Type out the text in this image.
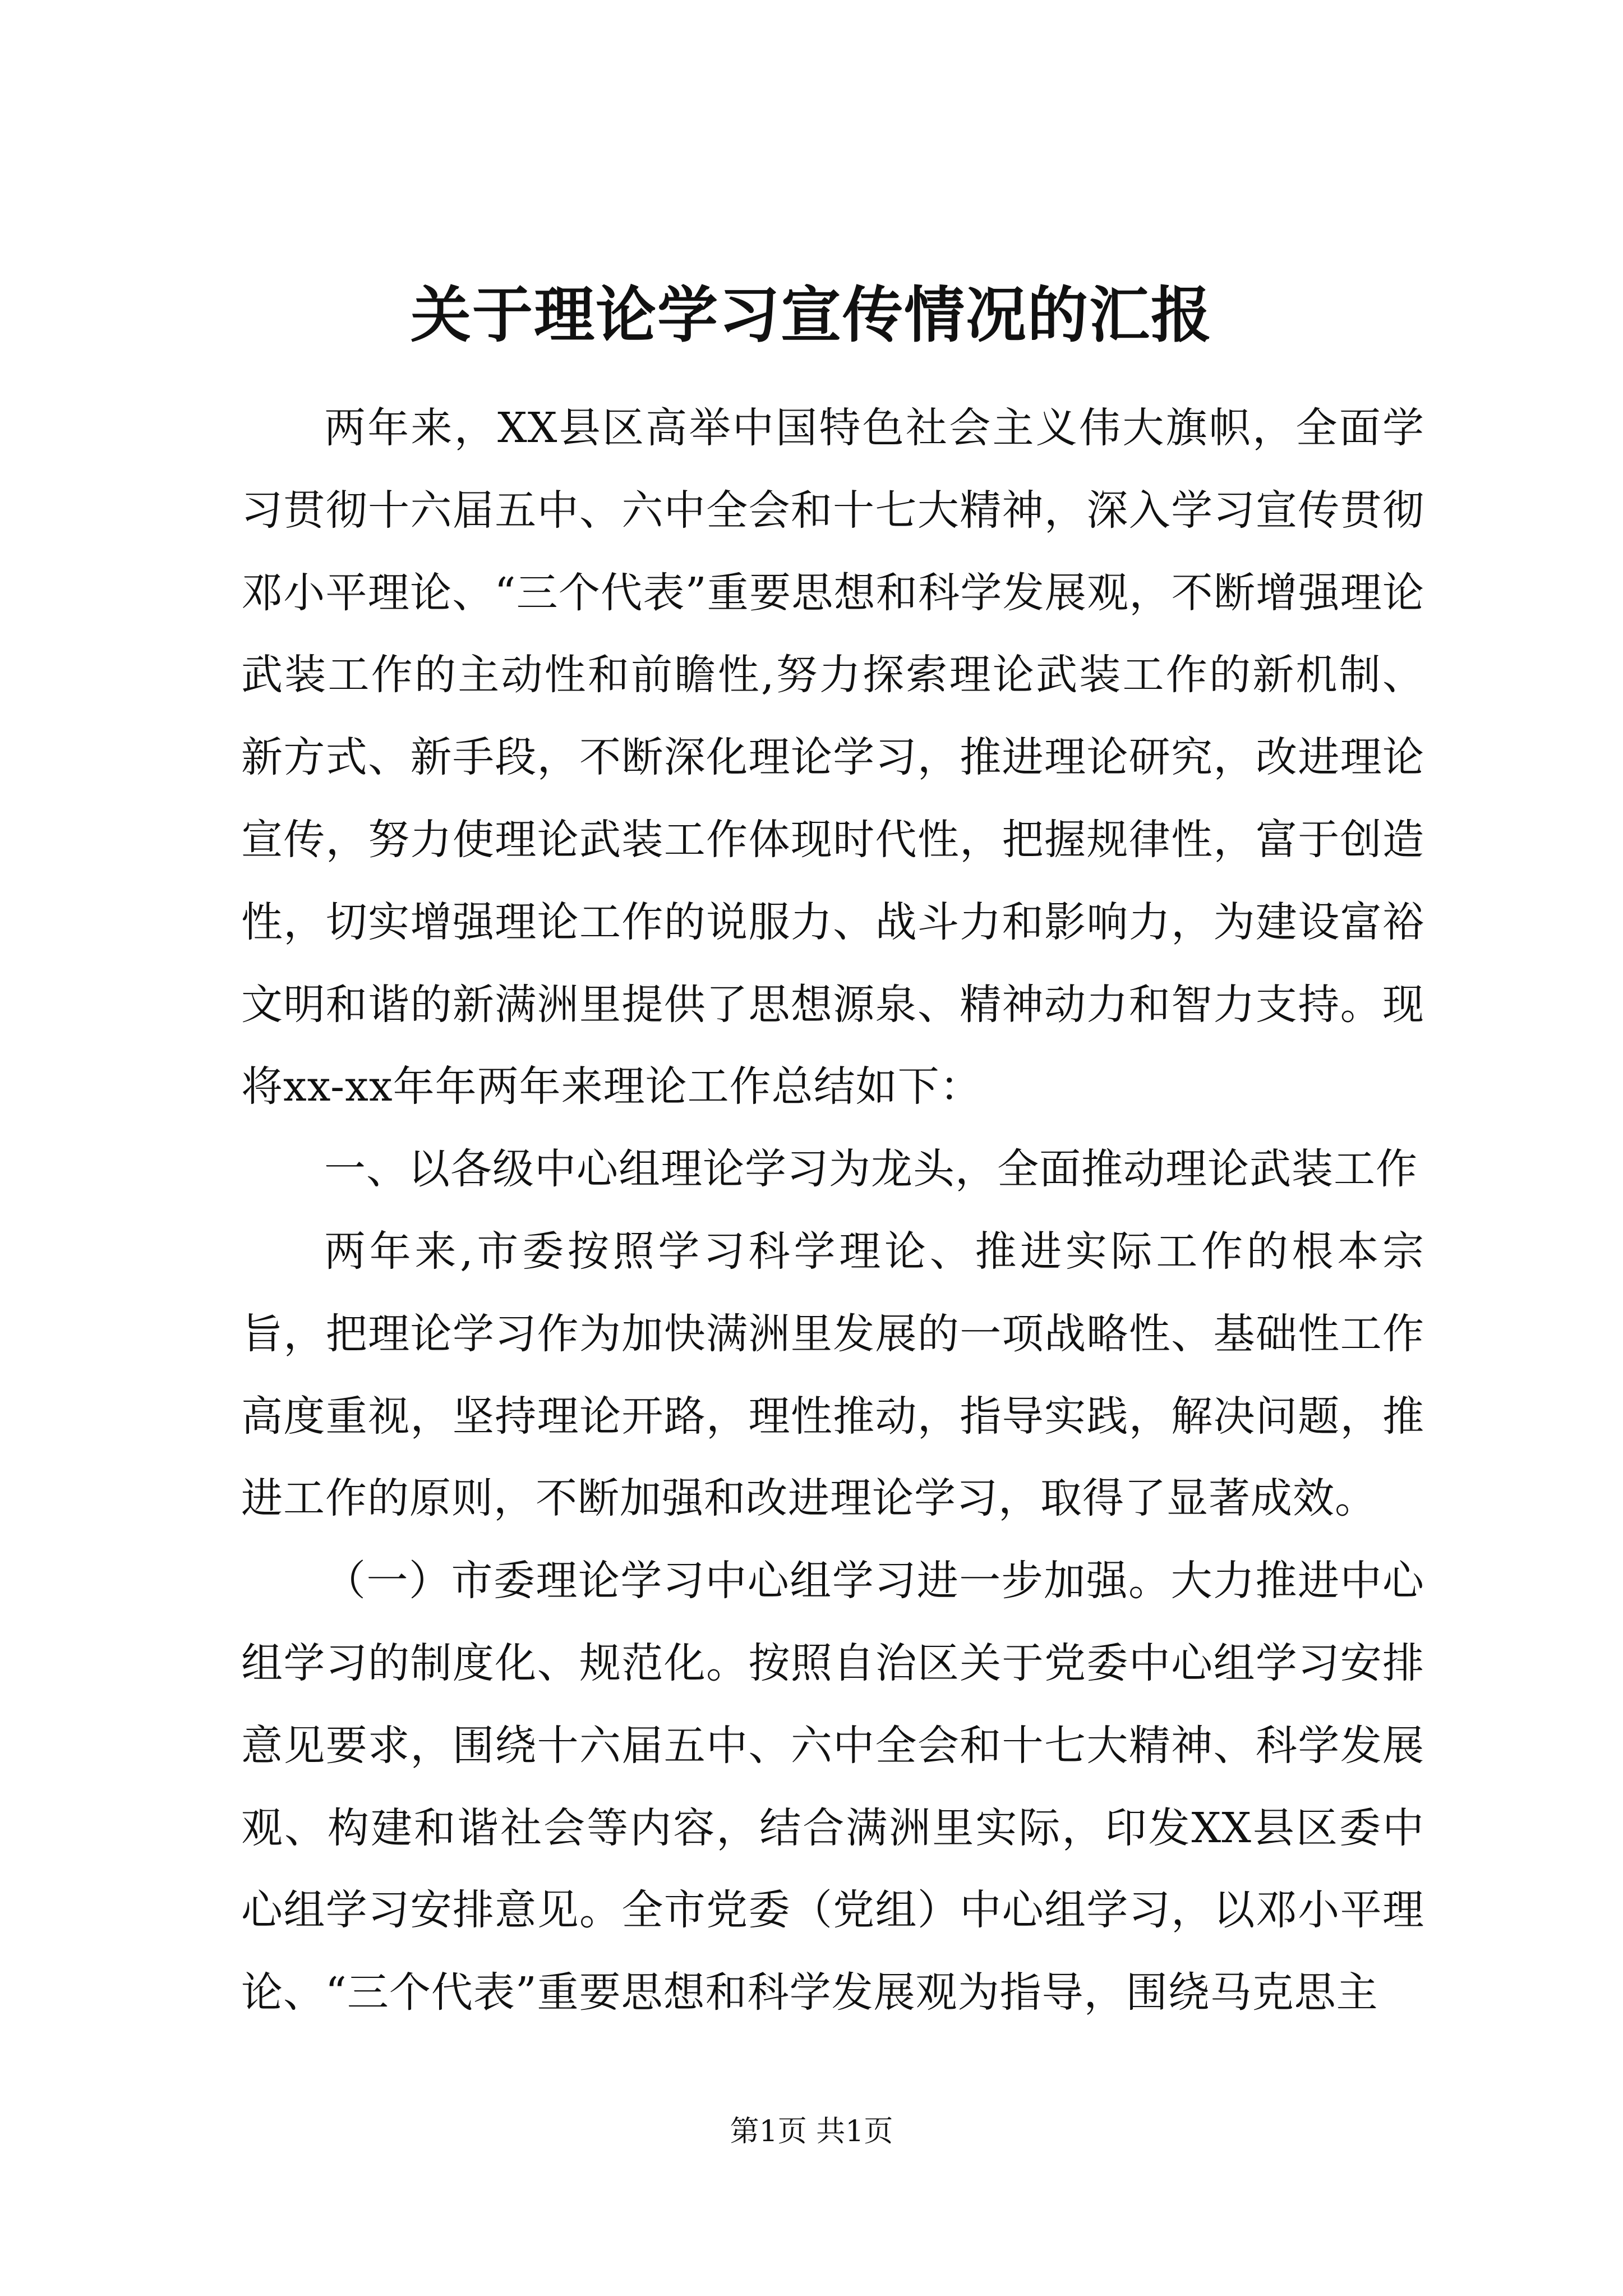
关于理论学习宣传情况的汇报

两年来，XX县区高举中国特色社会主义伟大旗帜，全面学习贯彻十六届五中、六中全会和十七大精神，深入学习宣传贯彻邓小平理论、“三个代表”重要思想和科学发展观，不断增强理论武装工作的主动性和前瞻性,努力探索理论武装工作的新机制、新方式、新手段，不断深化理论学习，推进理论研究，改进理论宣传，努力使理论武装工作体现时代性，把握规律性，富于创造性，切实增强理论工作的说服力、战斗力和影响力，为建设富裕文明和谐的新满洲里提供了思想源泉、精神动力和智力支持。现将xx-xx年年两年来理论工作总结如下：

一、以各级中心组理论学习为龙头，全面推动理论武装工作

两年来,市委按照学习科学理论、推进实际工作的根本宗旨，把理论学习作为加快满洲里发展的一项战略性、基础性工作高度重视，坚持理论开路，理性推动，指导实践，解决问题，推进工作的原则，不断加强和改进理论学习，取得了显著成效。

（一）市委理论学习中心组学习进一步加强。大力推进中心组学习的制度化、规范化。按照自治区关于党委中心组学习安排意见要求，围绕十六届五中、六中全会和十七大精神、科学发展观、构建和谐社会等内容，结合满洲里实际，印发XX县区委中心组学习安排意见。全市党委（党组）中心组学习，以邓小平理论、“三个代表”重要思想和科学发展观为指导，围绕马克思主

第1页 共1页
